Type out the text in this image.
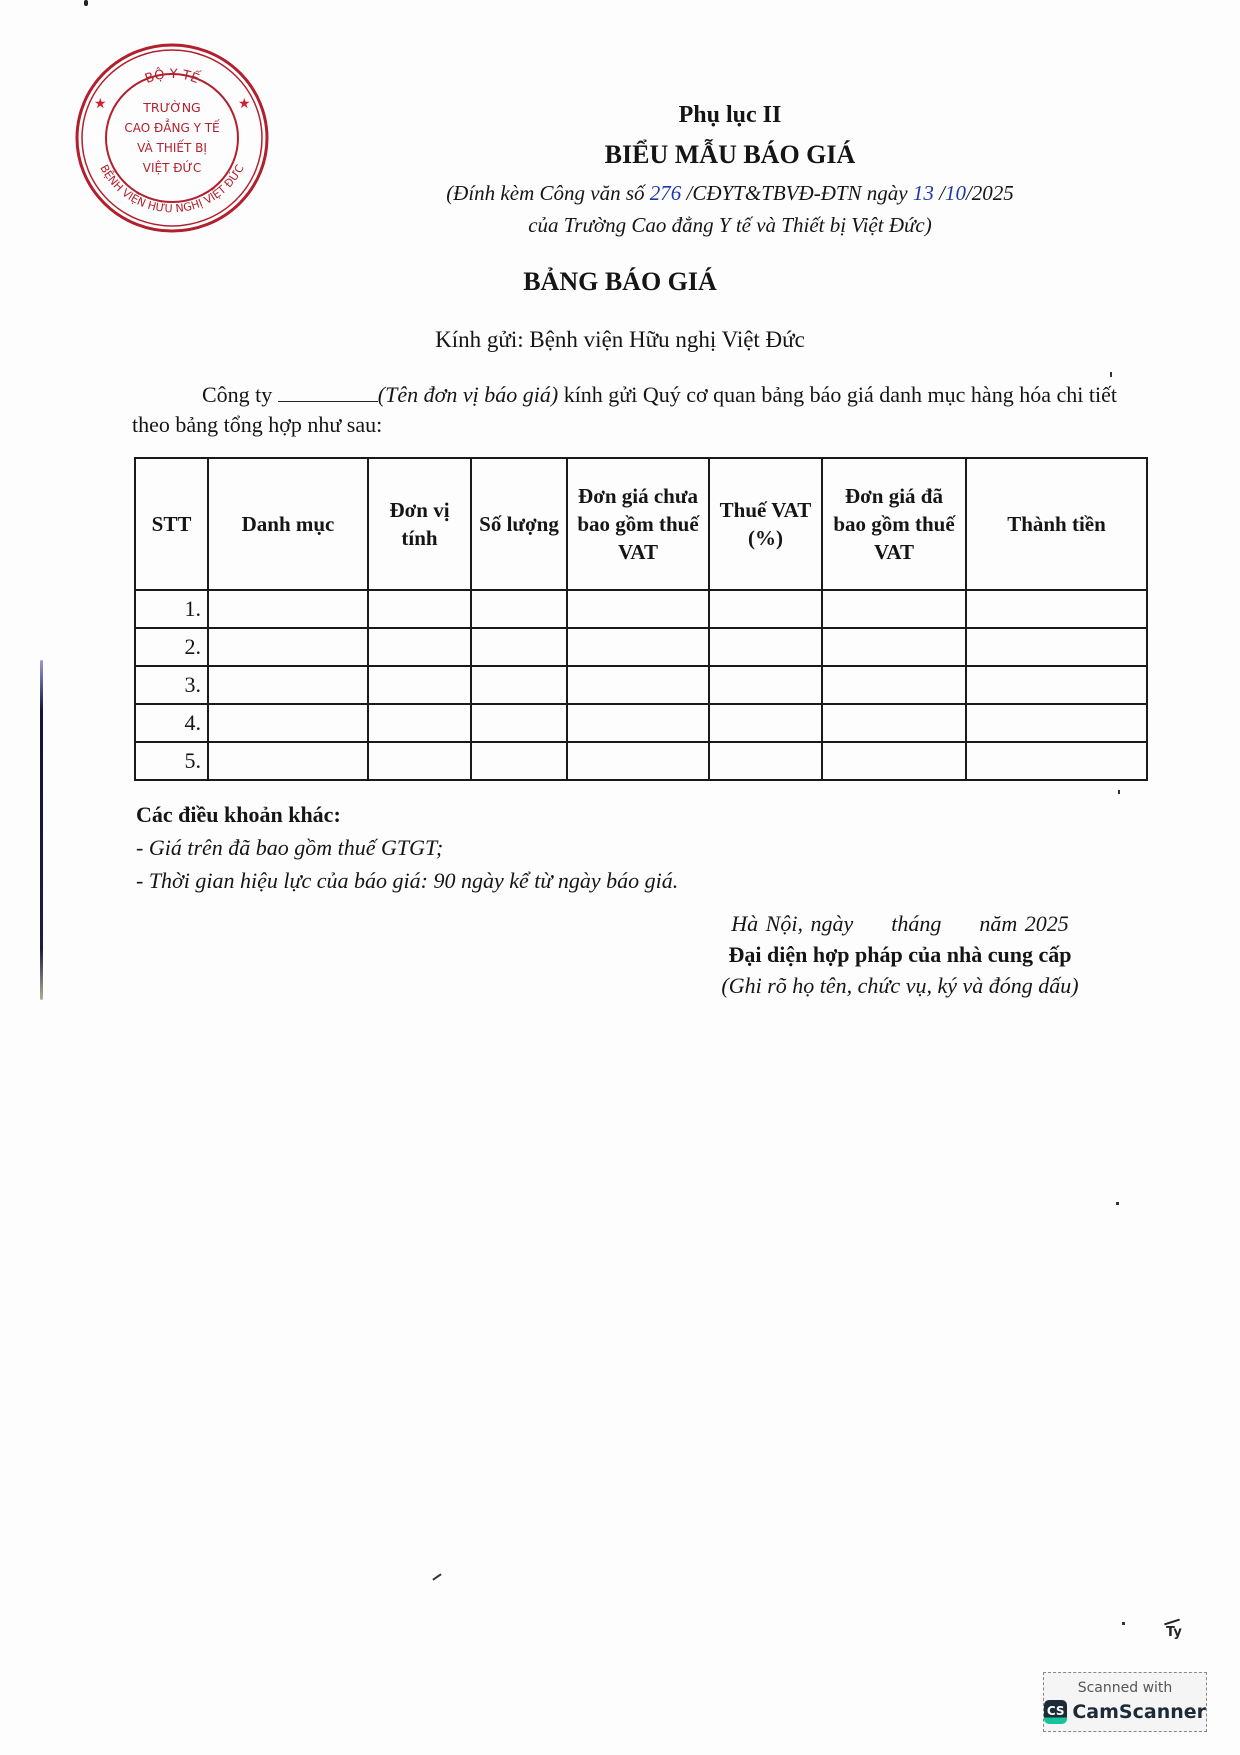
BỘ Y TẾ
★	★
TRƯỜNG
CAO ĐẲNG Y TẾ
VÀ THIẾT BỊ
VIỆT ĐỨC
BỆNH VIỆN HỮU NGHỊ VIỆT ĐỨC
Phụ lục II
BIỂU MẪU BÁO GIÁ
(Đính kèm Công văn số 276 /CĐYT&TBVĐ-ĐTN ngày 13 /10/2025
của Trường Cao đẳng Y tế và Thiết bị Việt Đức)
BẢNG BÁO GIÁ
Kính gửi: Bệnh viện Hữu nghị Việt Đức
Công ty	(Tên đơn vị báo giá) kính gửi Quý cơ quan bảng báo giá danh mục hàng hóa chi tiết theo bảng tổng hợp như sau:
STT	Danh mục	Đơn vị tính	Số lượng	Đơn giá chưa bao gồm thuế VAT	Thuế VAT (%)	Đơn giá đã bao gồm thuế VAT	Thành tiền
1.							
2.							
3.							
4.							
5.							
Các điều khoản khác:
- Giá trên đã bao gồm thuế GTGT;
- Thời gian hiệu lực của báo giá: 90 ngày kể từ ngày báo giá.
Hà Nội, ngày tháng năm 2025
Đại diện hợp pháp của nhà cung cấp
(Ghi rõ họ tên, chức vụ, ký và đóng dấu)
Ty
Scanned with
CS CamScanner
